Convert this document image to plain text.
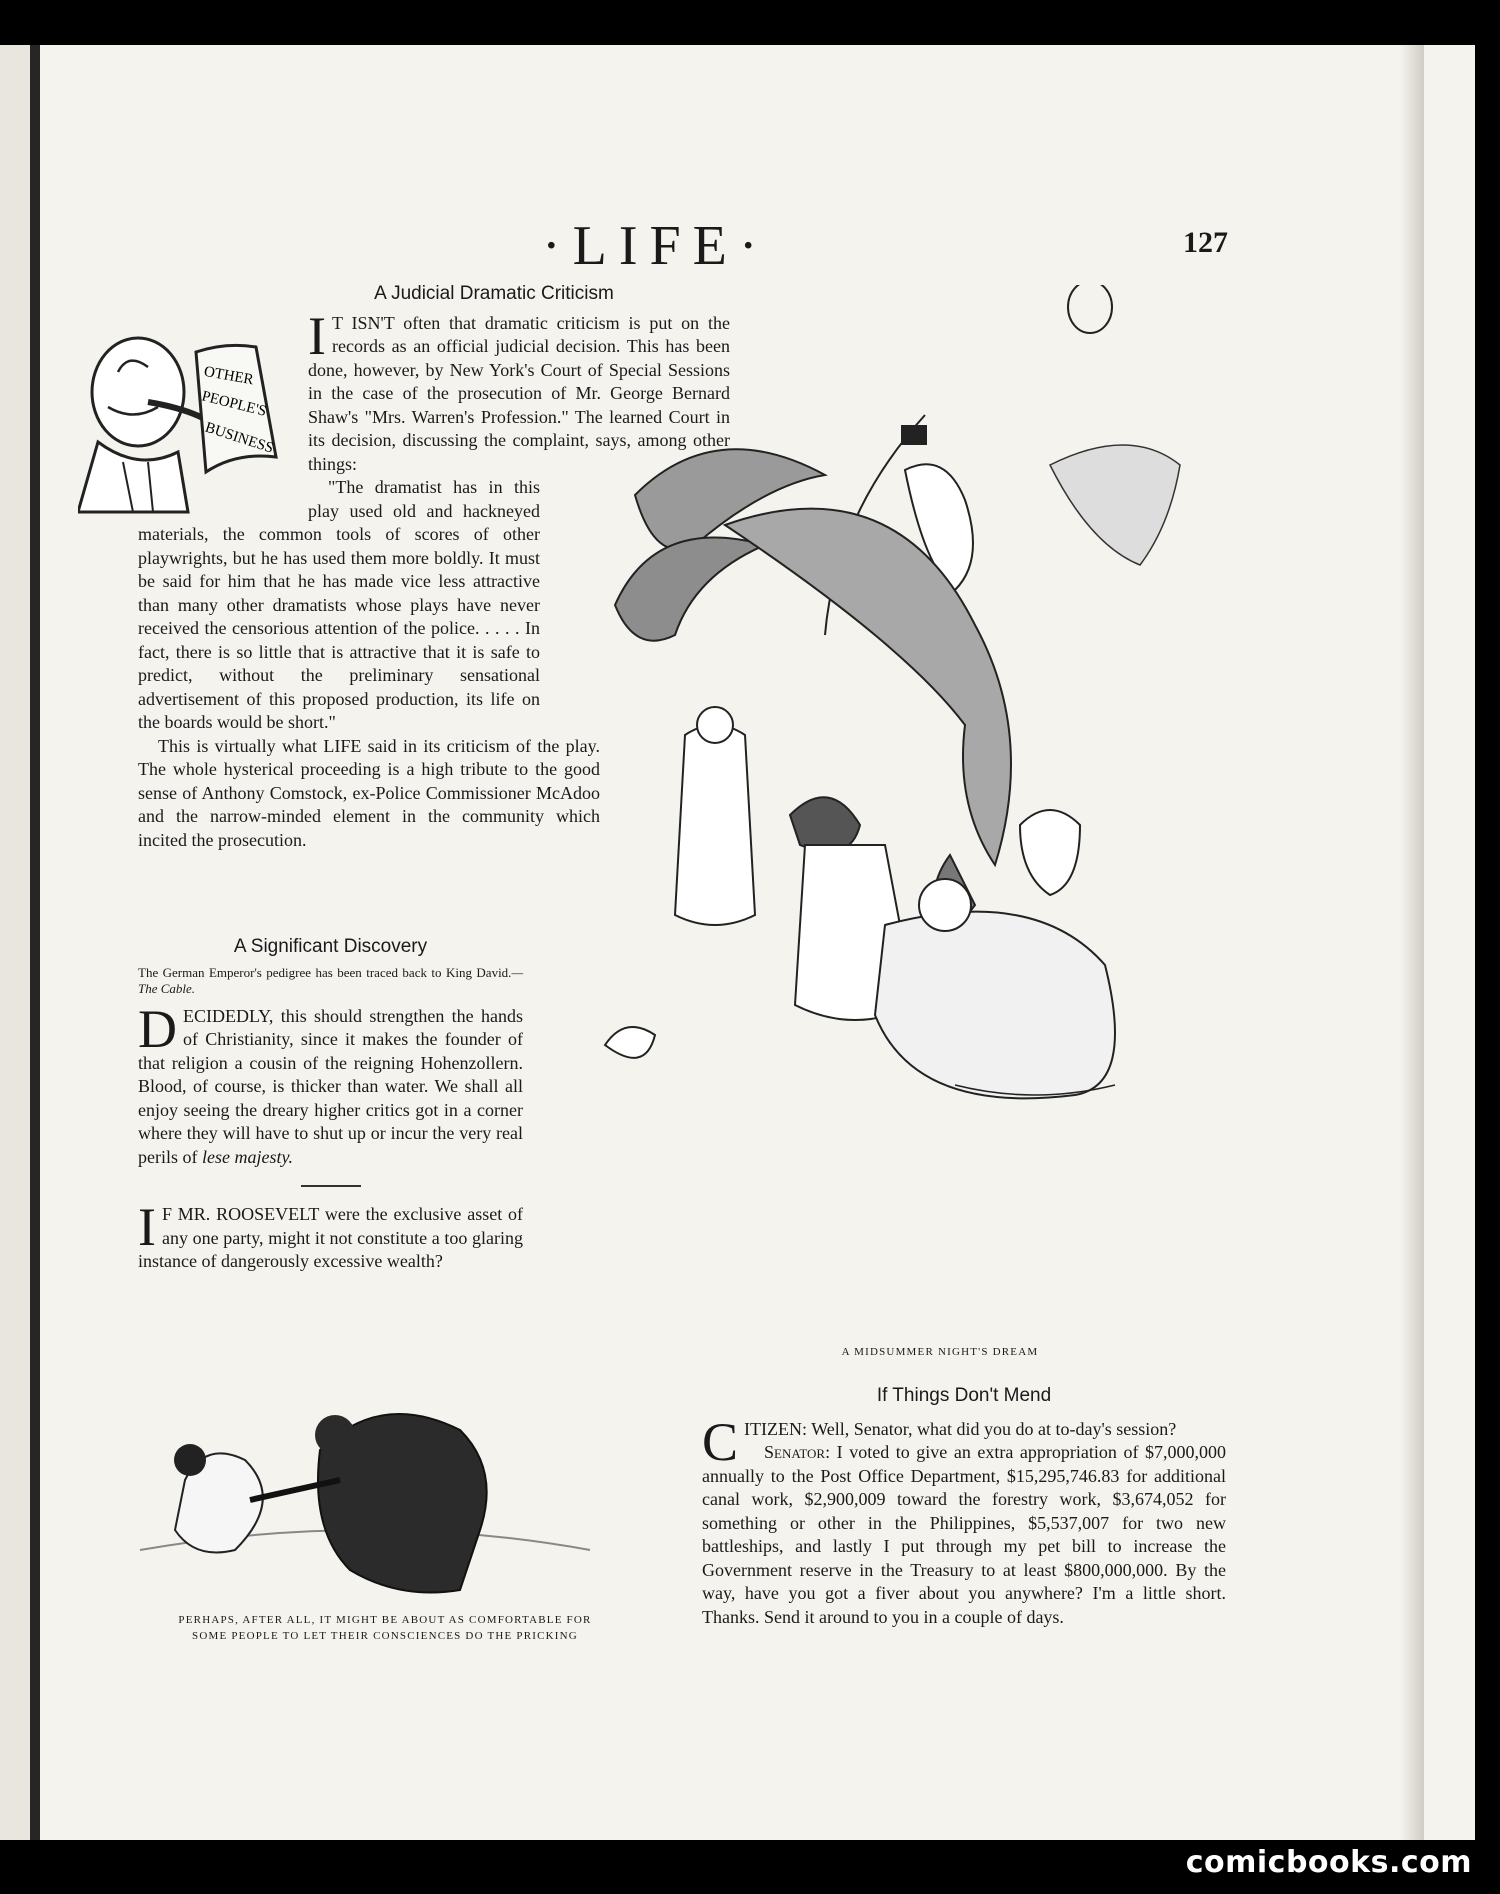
·LIFE·	127
A Judicial Dramatic Criticism
OTHER
PEOPLE'S
BUSINESS

I T ISN'T often that dramatic criticism is put on the records as an official judicial decision. This has been done, however, by New York's Court of Special Sessions in the case of the prosecution of Mr. George Bernard Shaw's "Mrs. Warren's Profession." The learned Court in its decision, discussing the complaint, says, among other things:

"The dramatist has in this play used old and hackneyed materials, the common tools of scores of other playwrights, but he has used them more boldly. It must be said for him that he has made vice less attractive than many other dramatists whose plays have never received the censorious attention of the police. . . . . In fact, there is so little that is attractive that it is safe to predict, without the preliminary sensational advertisement of this proposed production, its life on the boards would be short."

This is virtually what LIFE said in its criticism of the play. The whole hysterical proceeding is a high tribute to the good sense of Anthony Comstock, ex-Police Commissioner McAdoo and the narrow-minded element in the community which incited the prosecution.

A Significant Discovery

The German Emperor's pedigree has been traced back to King David.—The Cable.

DECIDEDLY, this should strengthen the hands of Christianity, since it makes the founder of that religion a cousin of the reigning Hohenzollern. Blood, of course, is thicker than water. We shall all enjoy seeing the dreary higher critics got in a corner where they will have to shut up or incur the very real perils of lese majesty.

I F MR. ROOSEVELT were the exclusive asset of any one party, might it not constitute a too glaring instance of dangerously excessive wealth?

A MIDSUMMER NIGHT'S DREAM
PERHAPS, AFTER ALL, IT MIGHT BE ABOUT AS COMFORTABLE FOR SOME PEOPLE TO LET THEIR CONSCIENCES DO THE PRICKING
If Things Don't Mend

CITIZEN: Well, Senator, what did you do at to-day's session?

Senator: I voted to give an extra appropriation of $7,000,000 annually to the Post Office Department, $15,295,746.83 for additional canal work, $2,900,009 toward the forestry work, $3,674,052 for something or other in the Philippines, $5,537,007 for two new battleships, and lastly I put through my pet bill to increase the Government reserve in the Treasury to at least $800,000,000. By the way, have you got a fiver about you anywhere? I'm a little short. Thanks. Send it around to you in a couple of days.

comicbooks.com
